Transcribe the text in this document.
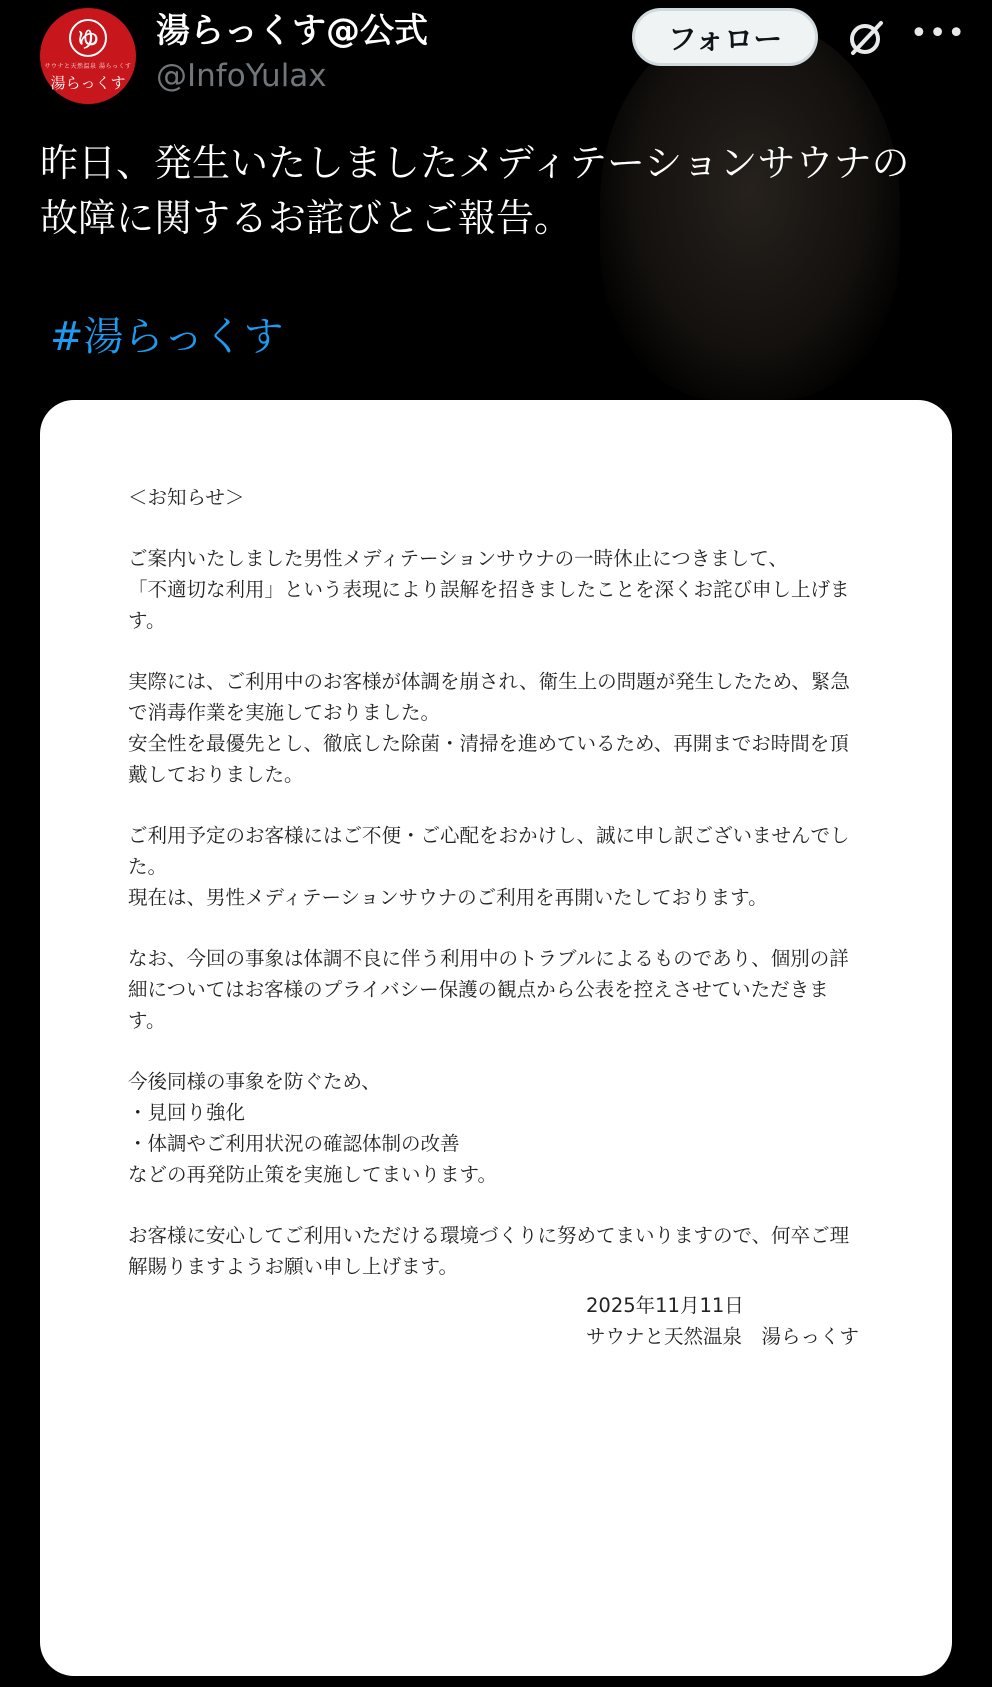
ゆ
サウナと天然温泉 湯らっくす
湯らっくす
湯らっくす@公式
@InfoYulax
フォロー	•••
昨日、発生いたしましたメディテーションサウナの故障に関するお詫びとご報告。
#湯らっくす

＜お知らせ＞

ご案内いたしました男性メディテーションサウナの一時休止につきまして、
「不適切な利用」という表現により誤解を招きましたことを深くお詫び申し上げま
す。

実際には、ご利用中のお客様が体調を崩され、衛生上の問題が発生したため、緊急
で消毒作業を実施しておりました。
安全性を最優先とし、徹底した除菌・清掃を進めているため、再開までお時間を頂
戴しておりました。

ご利用予定のお客様にはご不便・ご心配をおかけし、誠に申し訳ございませんでし
た。
現在は、男性メディテーションサウナのご利用を再開いたしております。

なお、今回の事象は体調不良に伴う利用中のトラブルによるものであり、個別の詳
細についてはお客様のプライバシー保護の観点から公表を控えさせていただきま
す。

今後同様の事象を防ぐため、
・見回り強化
・体調やご利用状況の確認体制の改善
などの再発防止策を実施してまいります。

お客様に安心してご利用いただける環境づくりに努めてまいりますので、何卒ご理
解賜りますようお願い申し上げます。

2025年11月11日
サウナと天然温泉　湯らっくす
